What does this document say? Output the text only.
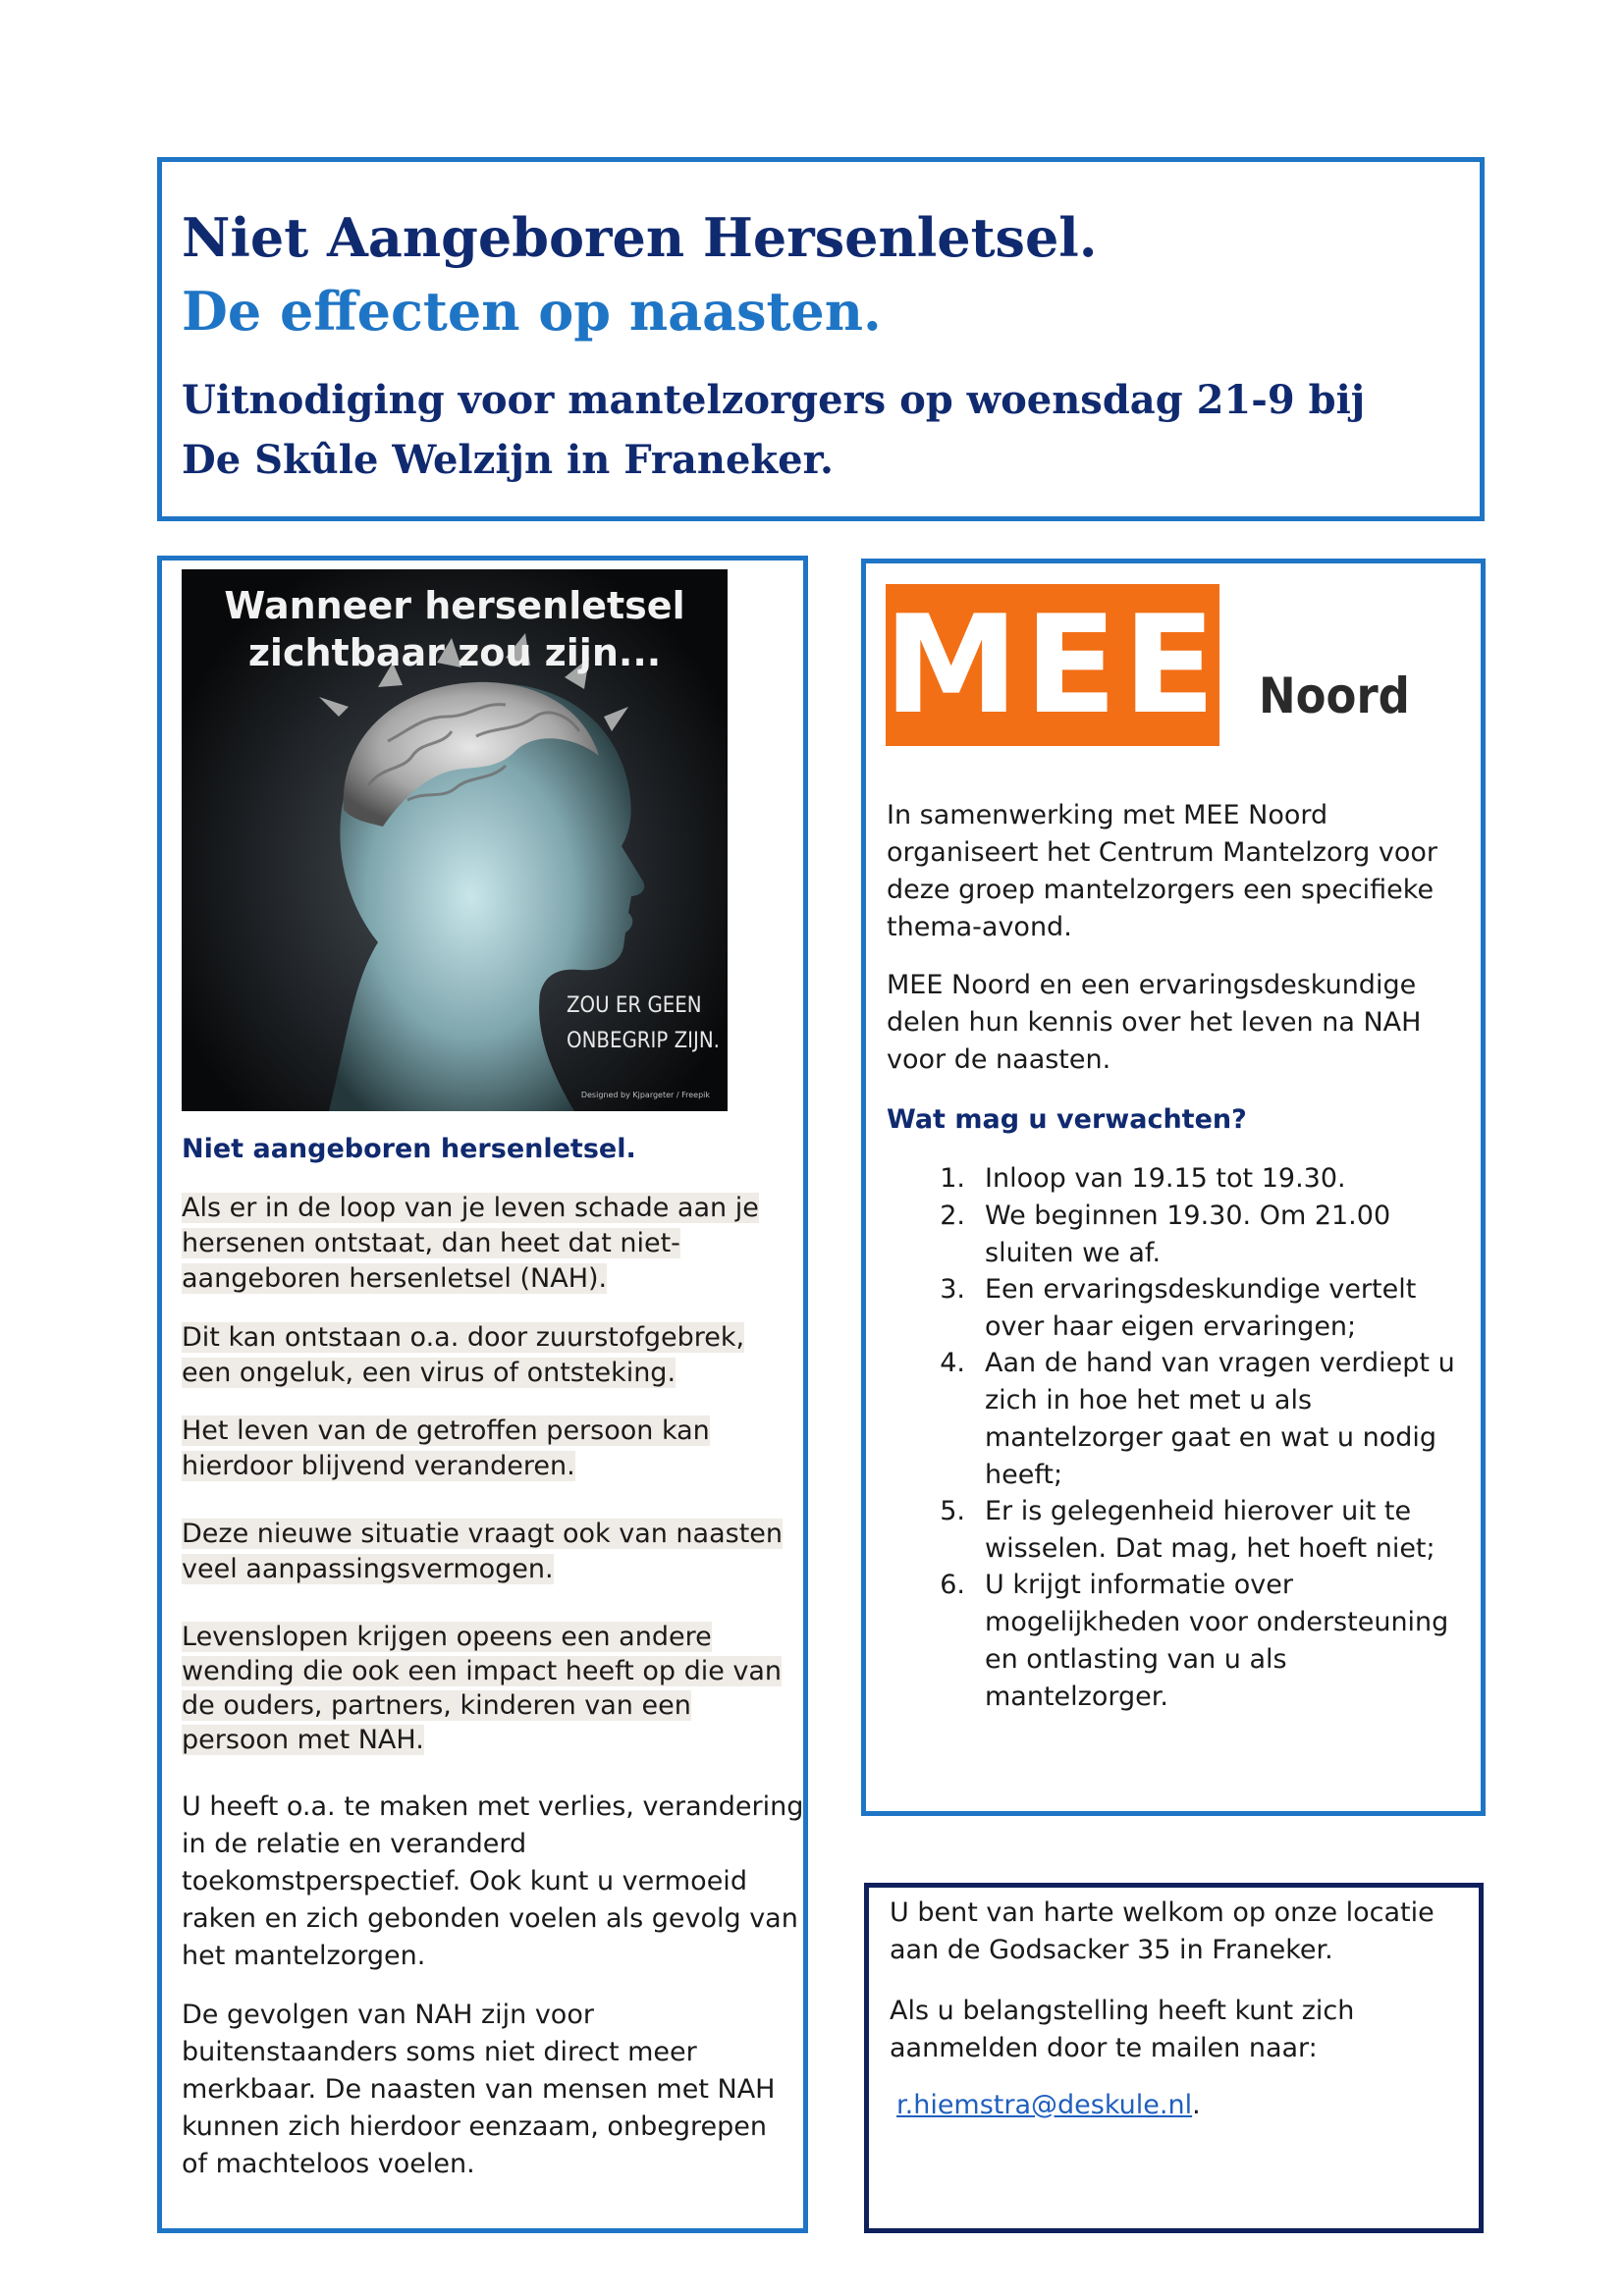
Niet Aangeboren Hersenletsel.
De effecten op naasten.
Uitnodiging voor mantelzorgers op woensdag 21-9 bij
De Skûle Welzijn in Franeker.
Wanneer hersenletsel
zichtbaar zou zijn...
ZOU ER GEEN
ONBEGRIP ZIJN.
Designed by Kjpargeter / Freepik
Niet aangeboren hersenletsel.
Als er in de loop van je leven schade aan je
hersenen ontstaat, dan heet dat niet-
aangeboren hersenletsel (NAH).
Dit kan ontstaan o.a. door zuurstofgebrek,
een ongeluk, een virus of ontsteking.
Het leven van de getroffen persoon kan
hierdoor blijvend veranderen.
Deze nieuwe situatie vraagt ook van naasten
veel aanpassingsvermogen.
Levenslopen krijgen opeens een andere
wending die ook een impact heeft op die van
de ouders, partners, kinderen van een
persoon met NAH.
U heeft o.a. te maken met verlies, verandering
in de relatie en veranderd
toekomstperspectief. Ook kunt u vermoeid
raken en zich gebonden voelen als gevolg van
het mantelzorgen.
De gevolgen van NAH zijn voor
buitenstaanders soms niet direct meer
merkbaar. De naasten van mensen met NAH
kunnen zich hierdoor eenzaam, onbegrepen
of machteloos voelen.
MEE Noord
In samenwerking met MEE Noord
organiseert het Centrum Mantelzorg voor
deze groep mantelzorgers een specifieke
thema-avond.
MEE Noord en een ervaringsdeskundige
delen hun kennis over het leven na NAH
voor de naasten.
Wat mag u verwachten?
1. Inloop van 19.15 tot 19.30.
2. We beginnen 19.30. Om 21.00
sluiten we af.
3. Een ervaringsdeskundige vertelt
over haar eigen ervaringen;
4. Aan de hand van vragen verdiept u
zich in hoe het met u als
mantelzorger gaat en wat u nodig
heeft;
5. Er is gelegenheid hierover uit te
wisselen. Dat mag, het hoeft niet;
6. U krijgt informatie over
mogelijkheden voor ondersteuning
en ontlasting van u als
mantelzorger.
U bent van harte welkom op onze locatie
aan de Godsacker 35 in Franeker.
Als u belangstelling heeft kunt zich
aanmelden door te mailen naar:
r.hiemstra@deskule.nl.
